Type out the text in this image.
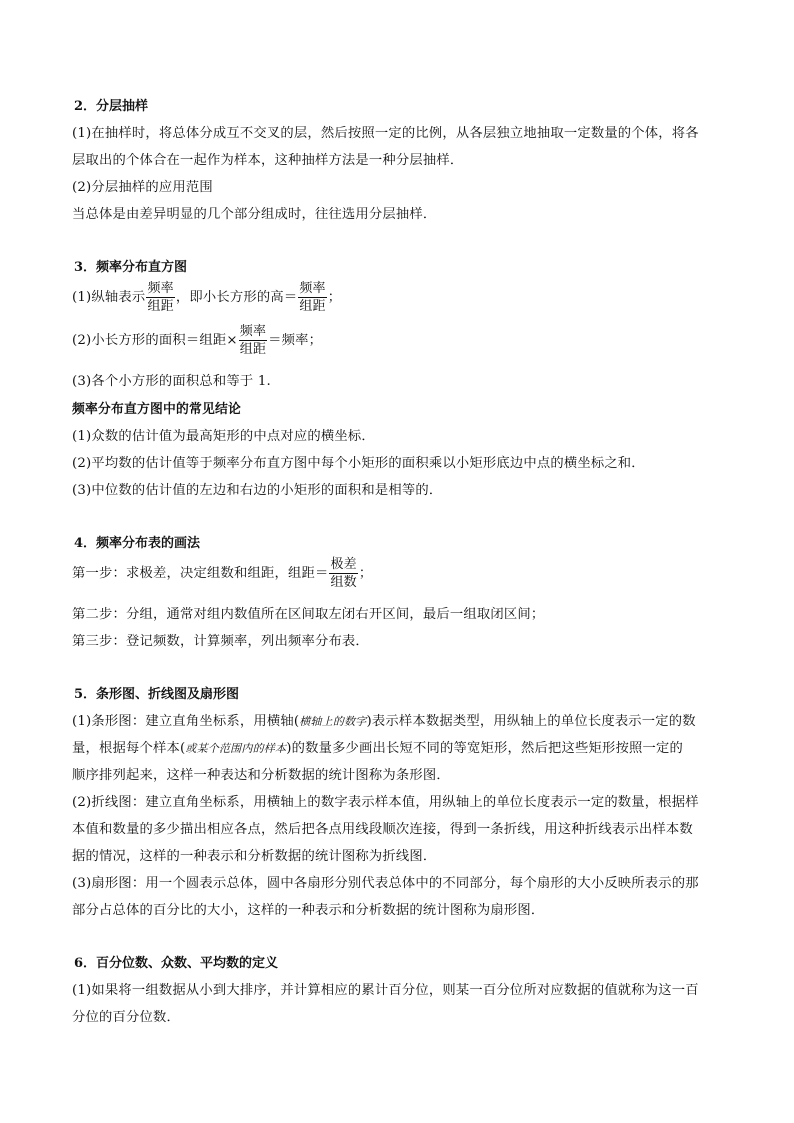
2．分层抽样
(1)在抽样时，将总体分成互不交叉的层，然后按照一定的比例，从各层独立地抽取一定数量的个体，将各
层取出的个体合在一起作为样本，这种抽样方法是一种分层抽样．
(2)分层抽样的应用范围
当总体是由差异明显的几个部分组成时，往往选用分层抽样．
3．频率分布直方图
(1)纵轴表示 $\frac{\text{频率}}{\text{组距}}$ ，即小长方形的高＝ $\frac{\text{频率}}{\text{组距}}$ ；
(2)小长方形的面积＝组距× $\frac{\text{频率}}{\text{组距}}$ ＝频率；
(3)各个小方形的面积总和等于 1.
频率分布直方图中的常见结论
(1)众数的估计值为最高矩形的中点对应的横坐标．
(2)平均数的估计值等于频率分布直方图中每个小矩形的面积乘以小矩形底边中点的横坐标之和．
(3)中位数的估计值的左边和右边的小矩形的面积和是相等的．
4．频率分布表的画法
第一步：求极差，决定组数和组距，组距＝ $\frac{\text{极差}}{\text{组数}}$ ；
第二步：分组，通常对组内数值所在区间取左闭右开区间，最后一组取闭区间；
第三步：登记频数，计算频率，列出频率分布表．
5．条形图、折线图及扇形图
(1)条形图：建立直角坐标系，用横轴(横轴上的数字)表示样本数据类型，用纵轴上的单位长度表示一定的数
量，根据每个样本(或某个范围内的样本)的数量多少画出长短不同的等宽矩形，然后把这些矩形按照一定的
顺序排列起来，这样一种表达和分析数据的统计图称为条形图．
(2)折线图：建立直角坐标系，用横轴上的数字表示样本值，用纵轴上的单位长度表示一定的数量，根据样
本值和数量的多少描出相应各点，然后把各点用线段顺次连接，得到一条折线，用这种折线表示出样本数
据的情况，这样的一种表示和分析数据的统计图称为折线图．
(3)扇形图：用一个圆表示总体，圆中各扇形分别代表总体中的不同部分，每个扇形的大小反映所表示的那
部分占总体的百分比的大小，这样的一种表示和分析数据的统计图称为扇形图．
6．百分位数、众数、平均数的定义
(1)如果将一组数据从小到大排序，并计算相应的累计百分位，则某一百分位所对应数据的值就称为这一百
分位的百分位数．
